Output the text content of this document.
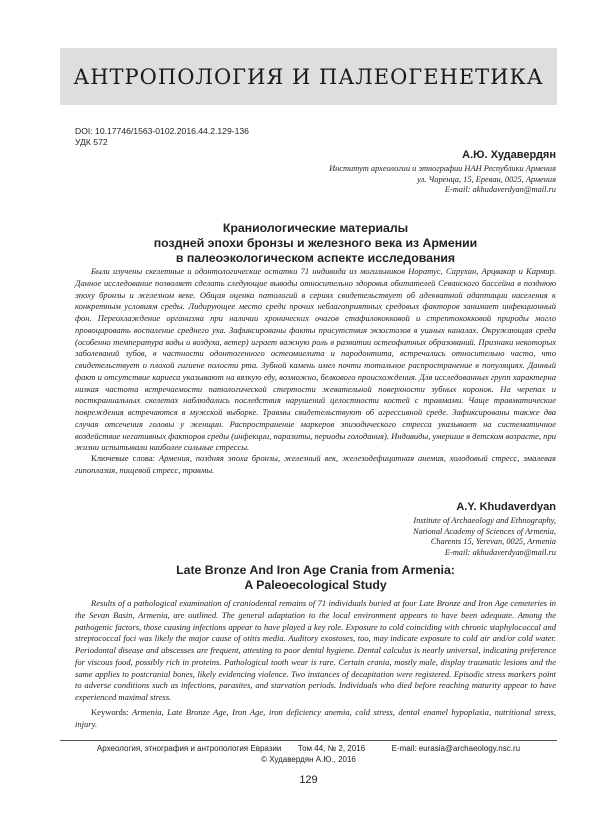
АНТРОПОЛОГИЯ И ПАЛЕОГЕНЕТИКА
DOI: 10.17746/1563-0102.2016.44.2.129-136
УДК 572
А.Ю. Худавердян
Институт археологии и этнографии НАН Республики Армения
ул. Чаренца, 15, Ереван, 0025, Армения
E-mail: akhudaverdyan@mail.ru
Краниологические материалы
поздней эпохи бронзы и железного века из Армении
в палеоэкологическом аспекте исследования

Были изучены скелетные и одонтологические остатки 71 индивида из могильников Норатус, Саруxан, Арцвакар и Кармир. Данное исследование позволяет сделать следующие выводы относительно здоровья обитателей Севанского бассейна в позднюю эпоху бронзы и железном веке. Общая оценка патологий в сериях свидетельствует об адекватной адаптации населения к конкретным условиям среды. Лидирующее место среди прочих неблагоприятных средовых факторов занимает инфекционный фон. Переохлаждение организма при наличии хронических очагов стафилококковой и стрептококковой природы могло провоцировать воспаление среднего уха. Зафиксированы факты присутствия экзостозов в ушных каналах. Окружающая среда (особенно температура воды и воздуха, ветер) играет важную роль в развитии остеофитных образований. Признаки некоторых заболеваний зубов, в частности одонтогенного остеомиелита и пародонтита, встречались относительно часто, что свидетельствует о плохой гигиене полости рта. Зубной камень имел почти тотальное распространение в популяциях. Данный факт и отсутствие кариеса указывают на вязкую еду, возможно, белкового происхождения. Для исследованных групп характерна низкая частота встречаемости патологической стертости жевательной поверхности зубных коронок. На черепах и посткраниальных скелетах наблюдались последствия нарушений целостности костей с травмами. Чаще травматические повреждения встречаются в мужской выборке. Травмы свидетельствуют об агрессивной среде. Зафиксированы также два случая отсечения головы у женщин. Распространение маркеров эпизодического стресса указывает на систематичное воздействие негативных факторов среды (инфекции, паразиты, периоды голодания). Индивиды, умершие в детском возрасте, при жизни испытывали наиболее сильные стрессы.

Ключевые слова: Армения, поздняя эпоха бронзы, железный век, железодефицитная анемия, холодовый стресс, эмалевая гипоплазия, пищевой стресс, травмы.
A.Y. Khudaverdyan
Institute of Archaeology and Ethnography,
National Academy of Sciences of Armenia,
Charents 15, Yerevan, 0025, Armenia
E-mail: akhudaverdyan@mail.ru
Late Bronze And Iron Age Crania from Armenia:
A Paleoecological Study

Results of a pathological examination of craniodental remains of 71 individuals buried at four Late Bronze and Iron Age cemeteries in the Sevan Basin, Armenia, are outlined. The general adaptation to the local environment appears to have been adequate. Among the pathogenic factors, those causing infections appear to have played a key role. Exposure to cold coinciding with chronic staphylococcal and streptococcal foci was likely the major cause of otitis media. Auditory exostoses, too, may indicate exposure to cold air and/or cold water. Periodontal disease and abscesses are frequent, attesting to poor dental hygiene. Dental calculus is nearly universal, indicating preference for viscous food, possibly rich in proteins. Pathological tooth wear is rare. Certain crania, mostly male, display traumatic lesions and the same applies to postcranial bones, likely evidencing violence. Two instances of decapitation were registered. Episodic stress markers point to adverse conditions such as infections, parasites, and starvation periods. Individuals who died before reaching maturity appear to have experienced maximal stress.

Keywords: Armenia, Late Bronze Age, Iron Age, iron deficiency anemia, cold stress, dental enamel hypoplasia, nutritional stress, injury.
Археология, этнография и антропология Евразии Том 44, № 2, 2016	E-mail: eurasia@archaeology.nsc.ru
© Худавердян А.Ю., 2016
129
